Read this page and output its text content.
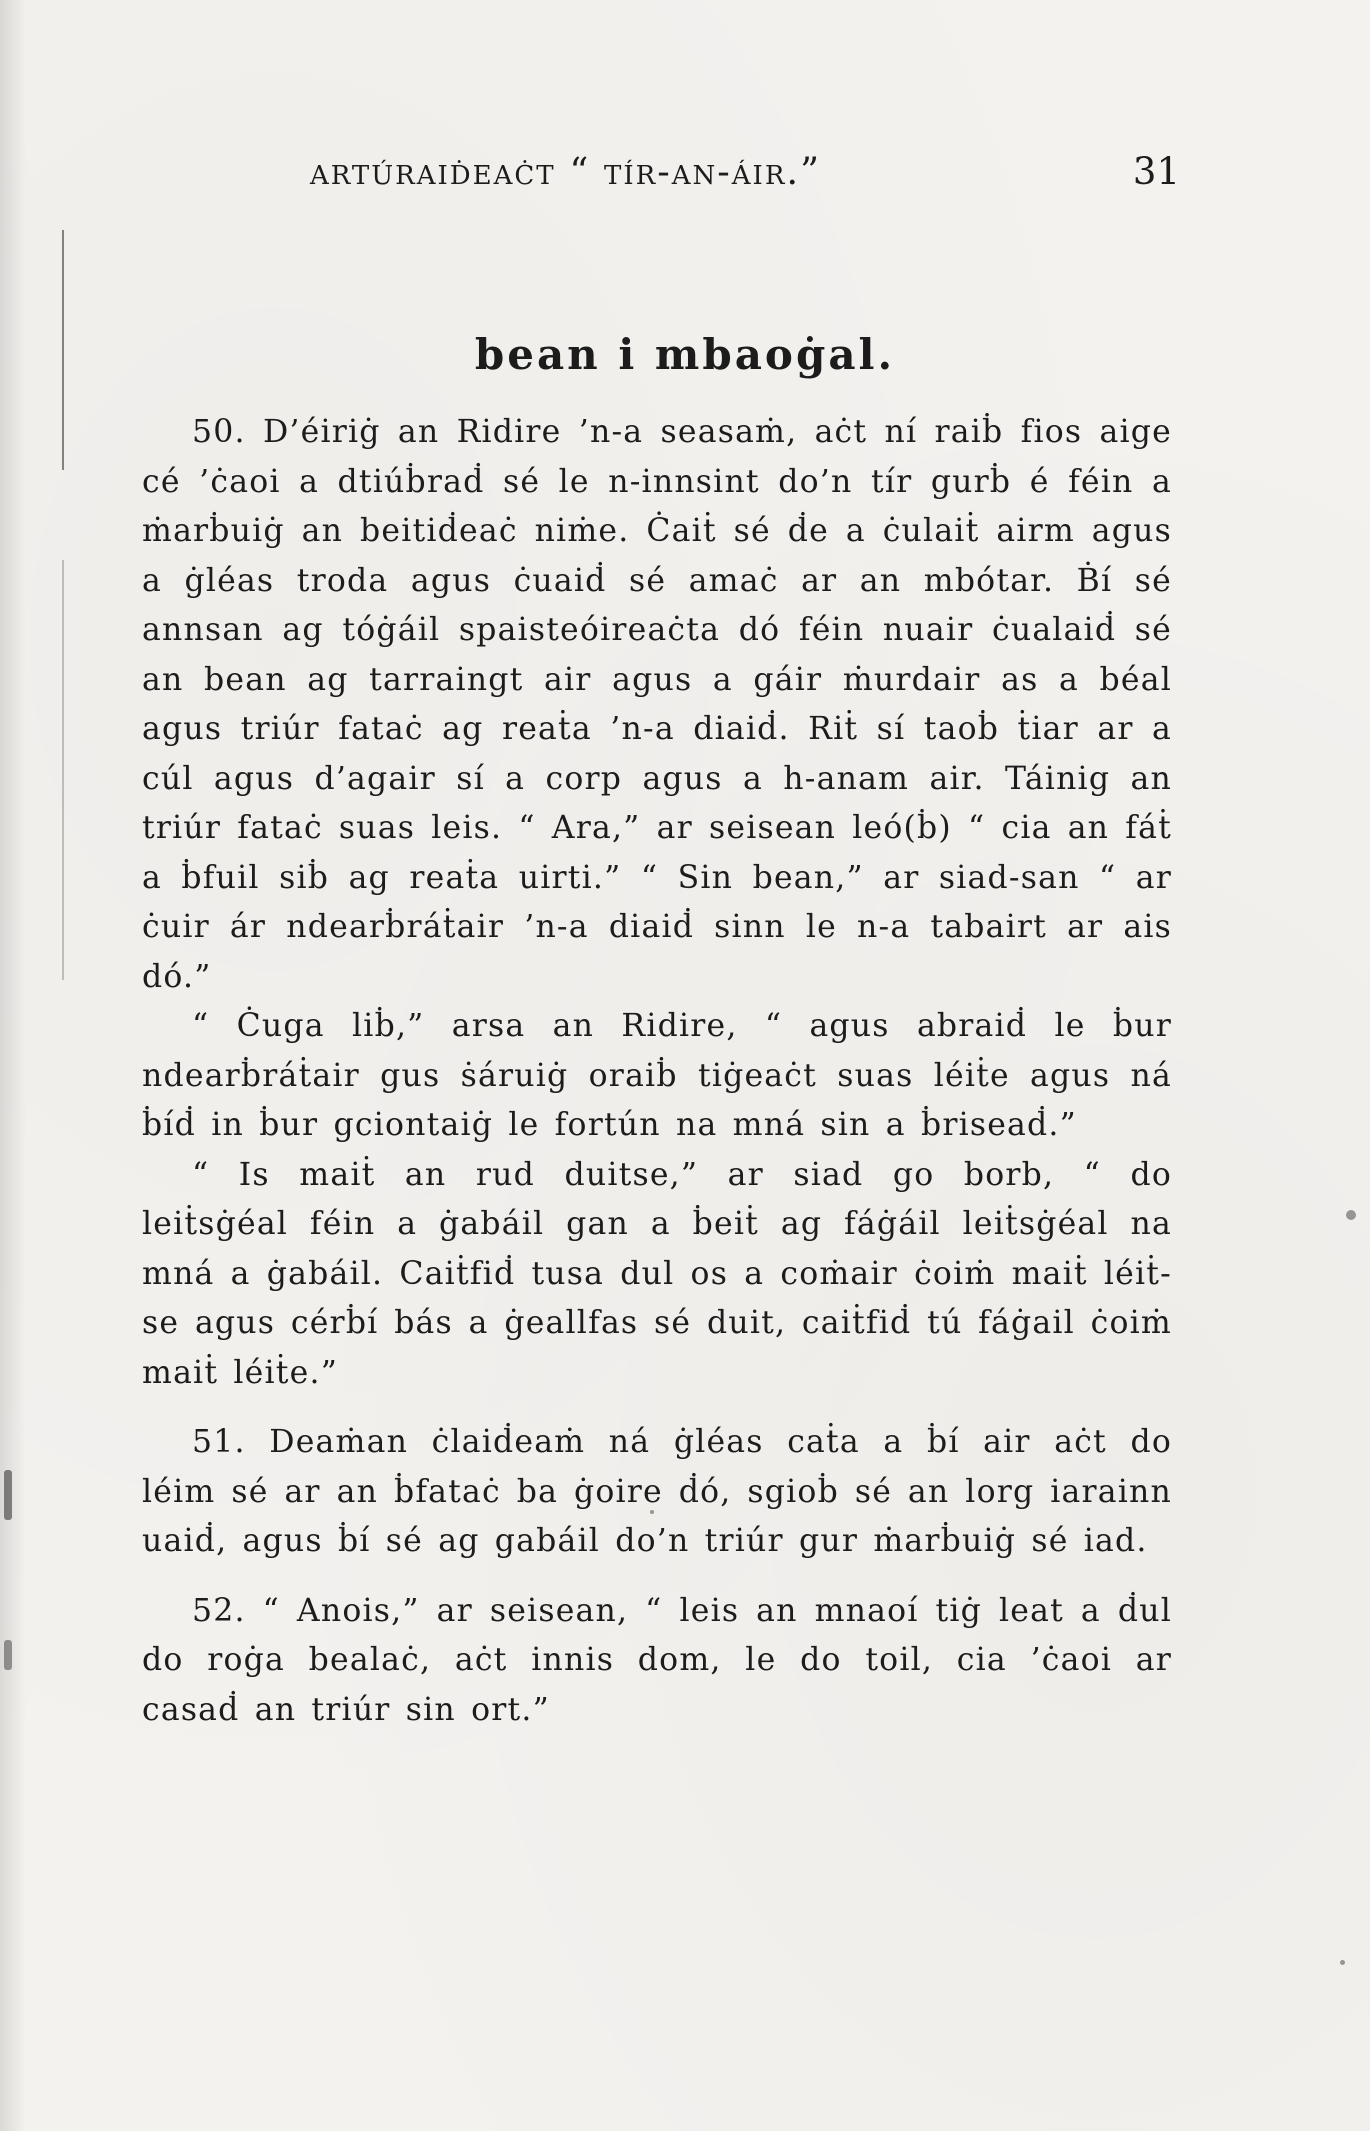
artúraiḋeaċt “ tír-an-áir.”	31
bean i mbaoġal.

50. D’éiriġ an Ridire ’n-a seasaṁ, aċt ní raiḃ fios aige cé ’ċaoi a dtiúḃraḋ sé le n-innsint do’n tír gurḃ é féin a ṁarḃuiġ an beitiḋeaċ niṁe. Ċaiṫ sé ḋe a ċulaiṫ airm agus a ġléas troda agus ċuaiḋ sé amaċ ar an mbótar. Ḃí sé annsan ag tóġáil spaisteóireaċta dó féin nuair ċualaiḋ sé an bean ag tarraingt air agus a gáir ṁurdair as a béal agus triúr fataċ ag reaṫa ’n-a diaiḋ. Riṫ sí taoḃ ṫiar ar a cúl agus d’agair sí a corp agus a h-anam air. Táinig an triúr fataċ suas leis. “ Ara,” ar seisean leó(ḃ) “ cia an fáṫ a ḃfuil siḃ ag reaṫa uirti.” “ Sin bean,” ar siad-san “ ar ċuir ár ndearḃráṫair ’n-a diaiḋ sinn le n-a tabairt ar ais dó.”

“ Ċuga liḃ,” arsa an Ridire, “ agus abraiḋ le ḃur ndearḃráṫair gus ṡáruiġ oraiḃ tiġeaċt suas léiṫe agus ná ḃíḋ in ḃur gciontaiġ le fortún na mná sin a ḃriseaḋ.”

“ Is maiṫ an rud duitse,” ar siad go borb, “ do leiṫsġéal féin a ġabáil gan a ḃeiṫ ag fáġáil leiṫsġéal na mná a ġabáil. Caiṫfiḋ tusa dul os a coṁair ċoiṁ maiṫ léiṫ-se agus cérḃí bás a ġeallfas sé duit, caiṫfiḋ tú fáġail ċoiṁ maiṫ léiṫe.”

51. Deaṁan ċlaiḋeaṁ ná ġléas caṫa a ḃí air aċt do léim sé ar an ḃfataċ ba ġoire ḋó, sgioḃ sé an lorg iarainn uaiḋ, agus ḃí sé ag gabáil do’n triúr gur ṁarḃuiġ sé iad.

52. “ Anois,” ar seisean, “ leis an mnaoí tiġ leat a ḋul do roġa bealaċ, aċt innis dom, le do toil, cia ’ċaoi ar casaḋ an triúr sin ort.”
